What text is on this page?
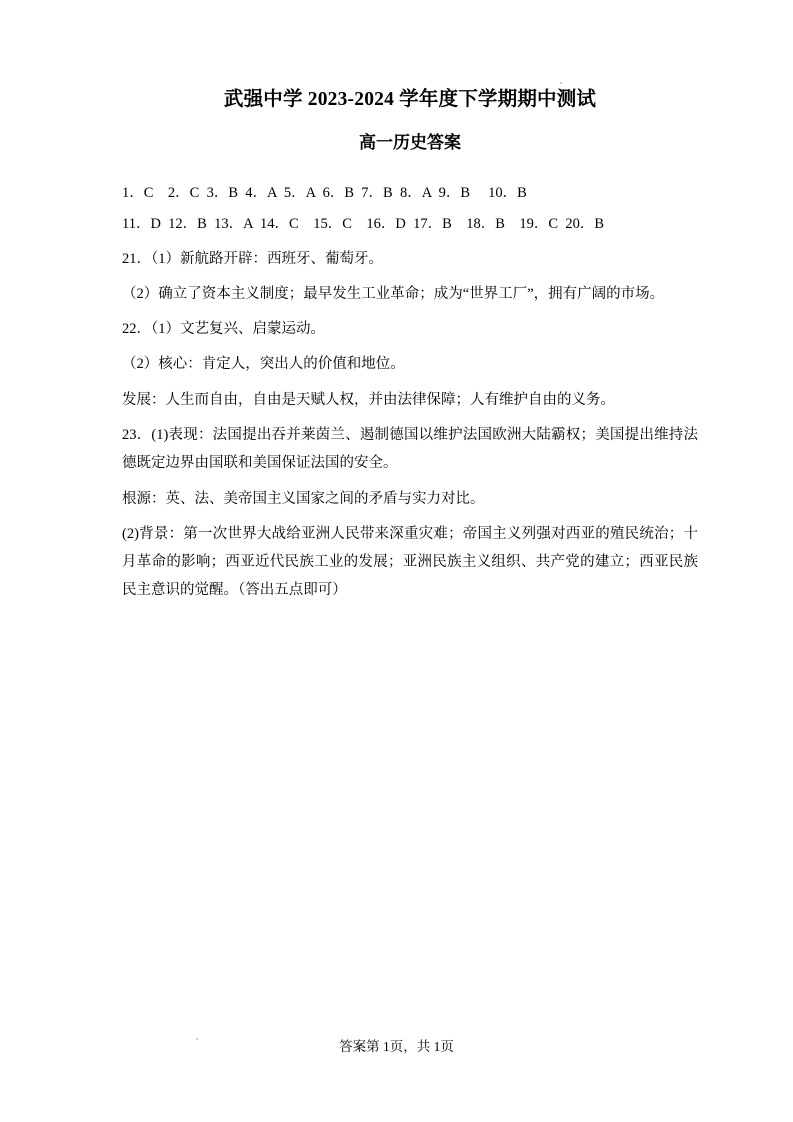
武强中学 2023-2024 学年度下学期期中测试
高一历史答案
1．C    2．C  3．B  4．A  5．A  6．B  7．B  8．A  9．B     10．B
11．D  12．B  13．A  14．C    15．C    16．D  17．B    18．B    19．C  20．B

21．（1）新航路开辟：西班牙、葡萄牙。

（2）确立了资本主义制度；最早发生工业革命；成为“世界工厂”，拥有广阔的市场。

22．（1）文艺复兴、启蒙运动。

（2）核心：肯定人，突出人的价值和地位。

发展：人生而自由，自由是天赋人权，并由法律保障；人有维护自由的义务。

23．(1)表现：法国提出吞并莱茵兰、遏制德国以维护法国欧洲大陆霸权；美国提出维持法德既定边界由国联和美国保证法国的安全。

根源：英、法、美帝国主义国家之间的矛盾与实力对比。

(2)背景：第一次世界大战给亚洲人民带来深重灾难；帝国主义列强对西亚的殖民统治；十月革命的影响；西亚近代民族工业的发展；亚洲民族主义组织、共产党的建立；西亚民族民主意识的觉醒。（答出五点即可）

答案第 1页，共 1页
